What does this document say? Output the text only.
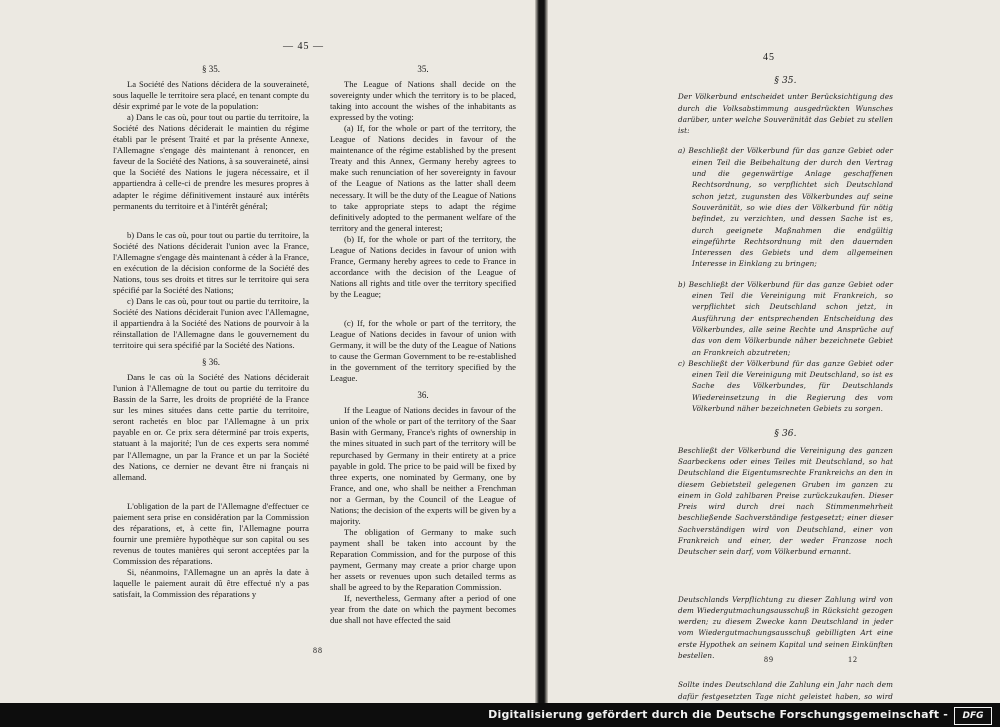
— 45 —

§ 35.

La Société des Nations décidera de la souveraineté, sous laquelle le territoire sera placé, en tenant compte du désir exprimé par le vote de la population:

a) Dans le cas où, pour tout ou partie du territoire, la Société des Nations déciderait le maintien du régime établi par le présent Traité et par la présente Annexe, l'Allemagne s'engage dès maintenant à renoncer, en faveur de la Société des Nations, à sa souveraineté, ainsi que la Société des Nations le jugera nécessaire, et il appartiendra à celle-ci de prendre les mesures propres à adapter le régime définitivement instauré aux intérêts permanents du territoire et à l'intérêt général;

b) Dans le cas où, pour tout ou partie du territoire, la Société des Nations déciderait l'union avec la France, l'Allemagne s'engage dès maintenant à céder à la France, en exécution de la décision conforme de la Société des Nations, tous ses droits et titres sur le territoire qui sera spécifié par la Société des Nations;

c) Dans le cas où, pour tout ou partie du territoire, la Société des Nations déciderait l'union avec l'Allemagne, il appartiendra à la Société des Nations de pourvoir à la réinstallation de l'Allemagne dans le gouvernement du territoire qui sera spécifié par la Société des Nations.

§ 36.

Dans le cas où la Société des Nations déciderait l'union à l'Allemagne de tout ou partie du territoire du Bassin de la Sarre, les droits de propriété de la France sur les mines situées dans cette partie du territoire, seront rachetés en bloc par l'Allemagne à un prix payable en or. Ce prix sera déterminé par trois experts, statuant à la majorité; l'un de ces experts sera nommé par l'Allemagne, un par la France et un par la Société des Nations, ce dernier ne devant être ni français ni allemand.

L'obligation de la part de l'Allemagne d'effectuer ce paiement sera prise en considération par la Commission des réparations, et, à cette fin, l'Allemagne pourra fournir une première hypothèque sur son capital ou ses revenus de toutes manières qui seront acceptées par la Commission des réparations.

Si, néanmoins, l'Allemagne un an après la date à laquelle le paiement aurait dû être effectué n'y a pas satisfait, la Commission des réparations y

35.

The League of Nations shall decide on the sovereignty under which the territory is to be placed, taking into account the wishes of the inhabitants as expressed by the voting:

(a) If, for the whole or part of the territory, the League of Nations decides in favour of the maintenance of the régime established by the present Treaty and this Annex, Germany hereby agrees to make such renunciation of her sovereignty in favour of the League of Nations as the latter shall deem necessary. It will be the duty of the League of Nations to take appropriate steps to adapt the régime definitively adopted to the permanent welfare of the territory and the general interest;

(b) If, for the whole or part of the territory, the League of Nations decides in favour of union with France, Germany hereby agrees to cede to France in accordance with the decision of the League of Nations all rights and title over the territory specified by the League;

(c) If, for the whole or part of the territory, the League of Nations decides in favour of union with Germany, it will be the duty of the League of Nations to cause the German Government to be re-established in the government of the territory specified by the League.

36.

If the League of Nations decides in favour of the union of the whole or part of the territory of the Saar Basin with Germany, France's rights of ownership in the mines situated in such part of the territory will be repurchased by Germany in their entirety at a price payable in gold. The price to be paid will be fixed by three experts, one nominated by Germany, one by France, and one, who shall be neither a Frenchman nor a German, by the Council of the League of Nations; the decision of the experts will be given by a majority.

The obligation of Germany to make such payment shall be taken into account by the Reparation Commission, and for the purpose of this payment, Germany may create a prior charge upon her assets or revenues upon such detailed terms as shall be agreed to by the Reparation Commission.

If, nevertheless, Germany after a period of one year from the date on which the payment becomes due shall not have effected the said

88
45

§ 35.

Der Völkerbund entscheidet unter Berücksichtigung des durch die Volksabstimmung ausgedrückten Wunsches darüber, unter welche Souveränität das Gebiet zu stellen ist:

a) Beschließt der Völkerbund für das ganze Gebiet oder einen Teil die Beibehaltung der durch den Vertrag und die gegenwärtige Anlage geschaffenen Rechtsordnung, so verpflichtet sich Deutschland schon jetzt, zugunsten des Völkerbundes auf seine Souveränität, so wie dies der Völkerbund für nötig befindet, zu verzichten, und dessen Sache ist es, durch geeignete Maßnahmen die endgültig eingeführte Rechtsordnung mit den dauernden Interessen des Gebiets und dem allgemeinen Interesse in Einklang zu bringen;

b) Beschließt der Völkerbund für das ganze Gebiet oder einen Teil die Vereinigung mit Frankreich, so verpflichtet sich Deutschland schon jetzt, in Ausführung der entsprechenden Entscheidung des Völkerbundes, alle seine Rechte und Ansprüche auf das von dem Völkerbunde näher bezeichnete Gebiet an Frankreich abzutreten;

c) Beschließt der Völkerbund für das ganze Gebiet oder einen Teil die Vereinigung mit Deutschland, so ist es Sache des Völkerbundes, für Deutschlands Wiedereinsetzung in die Regierung des vom Völkerbund näher bezeichneten Gebiets zu sorgen.

§ 36.

Beschließt der Völkerbund die Vereinigung des ganzen Saarbeckens oder eines Teiles mit Deutschland, so hat Deutschland die Eigentumsrechte Frankreichs an den in diesem Gebietsteil gelegenen Gruben im ganzen zu einem in Gold zahlbaren Preise zurückzukaufen. Dieser Preis wird durch drei nach Stimmenmehrheit beschließende Sachverständige festgesetzt; einer dieser Sachverständigen wird von Deutschland, einer von Frankreich und einer, der weder Franzose noch Deutscher sein darf, vom Völkerbund ernannt.

Deutschlands Verpflichtung zu dieser Zahlung wird von dem Wiedergutmachungsausschuß in Rücksicht gezogen werden; zu diesem Zwecke kann Deutschland in jeder vom Wiedergutmachungsausschuß gebilligten Art eine erste Hypothek an seinem Kapital und seinen Einkünften bestellen.

Sollte indes Deutschland die Zahlung ein Jahr nach dem dafür festgesetzten Tage nicht geleistet haben, so wird

89	12
Digitalisierung gefördert durch die Deutsche Forschungsgemeinschaft -	DFG
